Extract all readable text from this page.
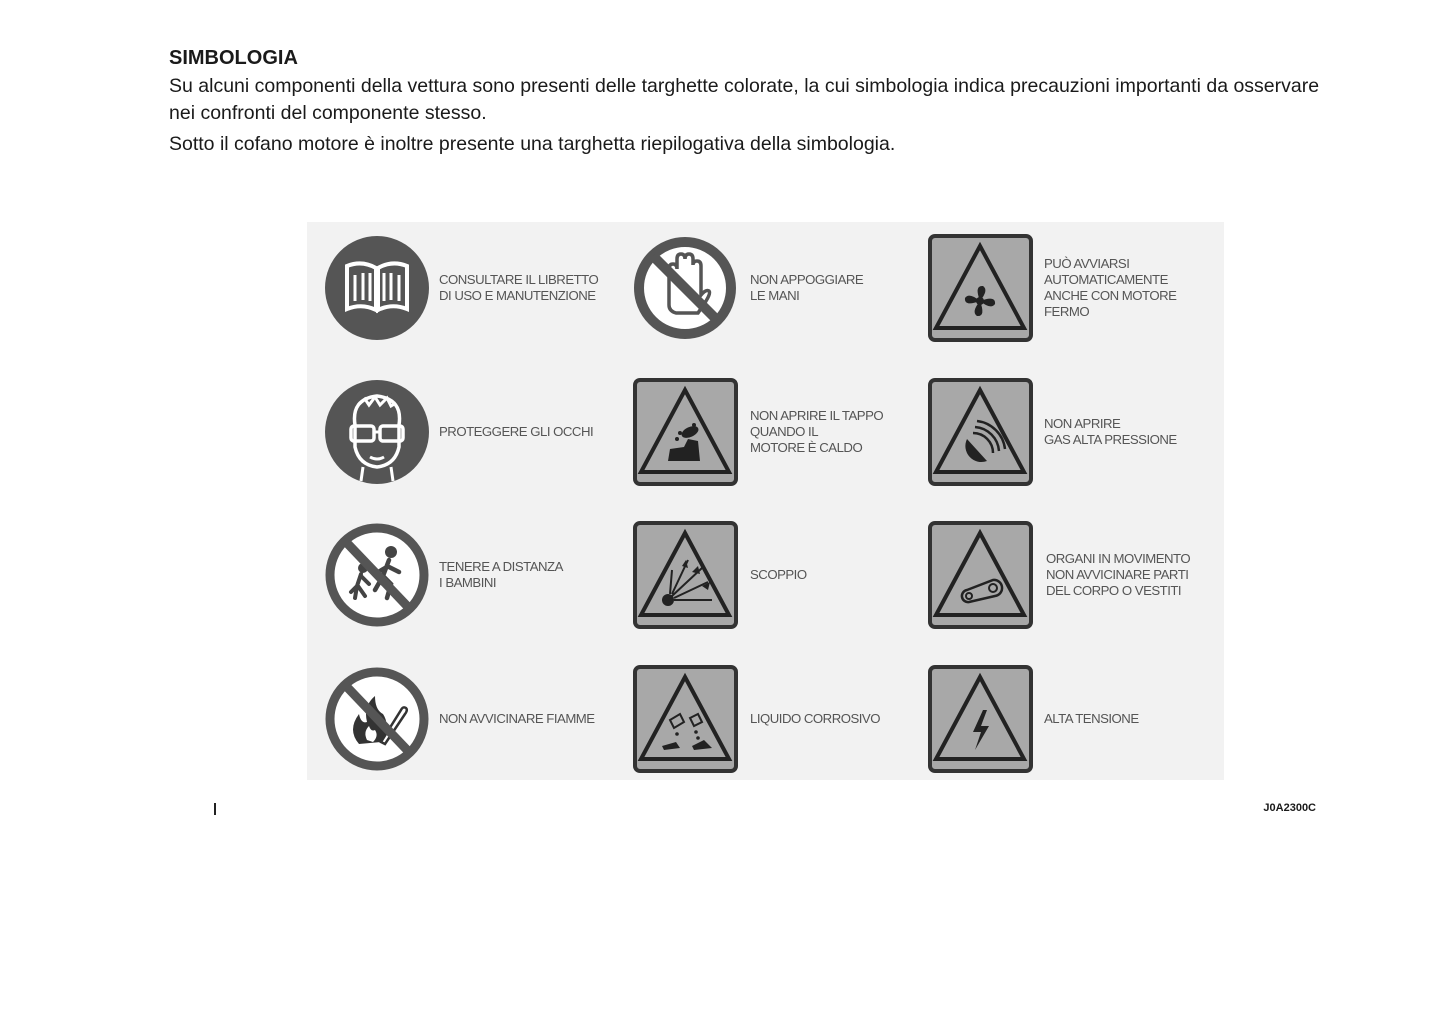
SIMBOLOGIA

Su alcuni componenti della vettura sono presenti delle targhette colorate, la cui simbologia indica precauzioni importanti da osservare nei confronti del componente stesso.

Sotto il cofano motore è inoltre presente una targhetta riepilogativa della simbologia.

CONSULTARE IL LIBRETTO
DI USO E MANUTENZIONE
NON APPOGGIARE
LE MANI
PUÒ AVVIARSI
AUTOMATICAMENTE
ANCHE CON MOTORE
FERMO
PROTEGGERE GLI OCCHI
NON APRIRE IL TAPPO
QUANDO IL
MOTORE È CALDO
NON APRIRE
GAS ALTA PRESSIONE
TENERE A DISTANZA
I BAMBINI
SCOPPIO
ORGANI IN MOVIMENTO
NON AVVICINARE PARTI
DEL CORPO O VESTITI
NON AVVICINARE FIAMME	LIQUIDO CORROSIVO	ALTA TENSIONE
J0A2300C
